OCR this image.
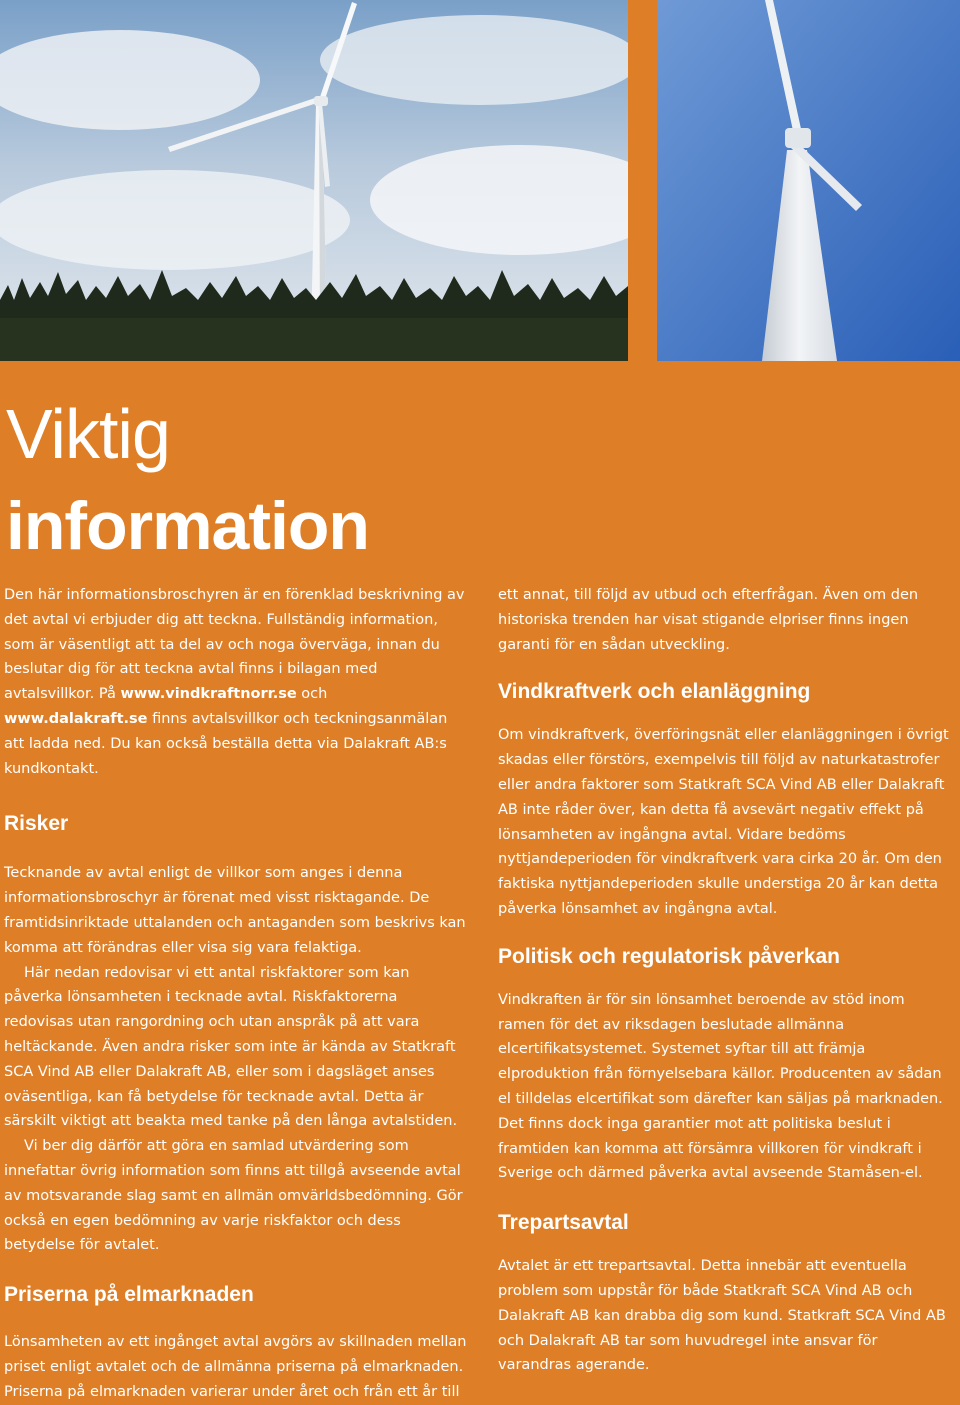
Viktig
information

Den här informationsbroschyren är en förenklad beskrivning av det avtal vi erbjuder dig att teckna. Fullständig information, som är väsentligt att ta del av och noga överväga, innan du beslutar dig för att teckna avtal finns i bilagan med avtalsvillkor. På www.vindkraftnorr.se och www.dalakraft.se finns avtalsvillkor och teckningsanmälan att ladda ned. Du kan också beställa detta via Dalakraft AB:s kundkontakt.

Risker

Tecknande av avtal enligt de villkor som anges i denna informationsbroschyr är förenat med visst risktagande. De framtidsinriktade uttalanden och antaganden som beskrivs kan komma att förändras eller visa sig vara felaktiga.

Här nedan redovisar vi ett antal riskfaktorer som kan påverka lönsamheten i tecknade avtal. Riskfaktorerna redovisas utan rangordning och utan anspråk på att vara heltäckande. Även andra risker som inte är kända av Statkraft SCA Vind AB eller Dalakraft AB, eller som i dagsläget anses oväsentliga, kan få betydelse för tecknade avtal. Detta är särskilt viktigt att beakta med tanke på den långa avtalstiden.

Vi ber dig därför att göra en samlad utvärdering som innefattar övrig information som finns att tillgå avseende avtal av motsvarande slag samt en allmän omvärldsbedömning. Gör också en egen bedömning av varje riskfaktor och dess betydelse för avtalet.

Priserna på elmarknaden

Lönsamheten av ett ingånget avtal avgörs av skillnaden mellan priset enligt avtalet och de allmänna priserna på elmarknaden. Priserna på elmarknaden varierar under året och från ett år till

ett annat, till följd av utbud och efterfrågan. Även om den historiska trenden har visat stigande elpriser finns ingen garanti för en sådan utveckling.

Vindkraftverk och elanläggning

Om vindkraftverk, överföringsnät eller elanläggningen i övrigt skadas eller förstörs, exempelvis till följd av naturkatastrofer eller andra faktorer som Statkraft SCA Vind AB eller Dalakraft AB inte råder över, kan detta få avsevärt negativ effekt på lönsamheten av ingångna avtal. Vidare bedöms nyttjandeperioden för vindkraftverk vara cirka 20 år. Om den faktiska nyttjandeperioden skulle understiga 20 år kan detta påverka lönsamhet av ingångna avtal.

Politisk och regulatorisk påverkan

Vindkraften är för sin lönsamhet beroende av stöd inom ramen för det av riksdagen beslutade allmänna elcertifikatsystemet. Systemet syftar till att främja elproduktion från förnyelsebara källor. Producenten av sådan el tilldelas elcertifikat som därefter kan säljas på marknaden. Det finns dock inga garantier mot att politiska beslut i framtiden kan komma att försämra villkoren för vindkraft i Sverige och därmed påverka avtal avseende Stamåsen-el.

Trepartsavtal

Avtalet är ett trepartsavtal. Detta innebär att eventuella problem som uppstår för både Statkraft SCA Vind AB och Dalakraft AB kan drabba dig som kund. Statkraft SCA Vind AB och Dalakraft AB tar som huvudregel inte ansvar för varandras agerande.
